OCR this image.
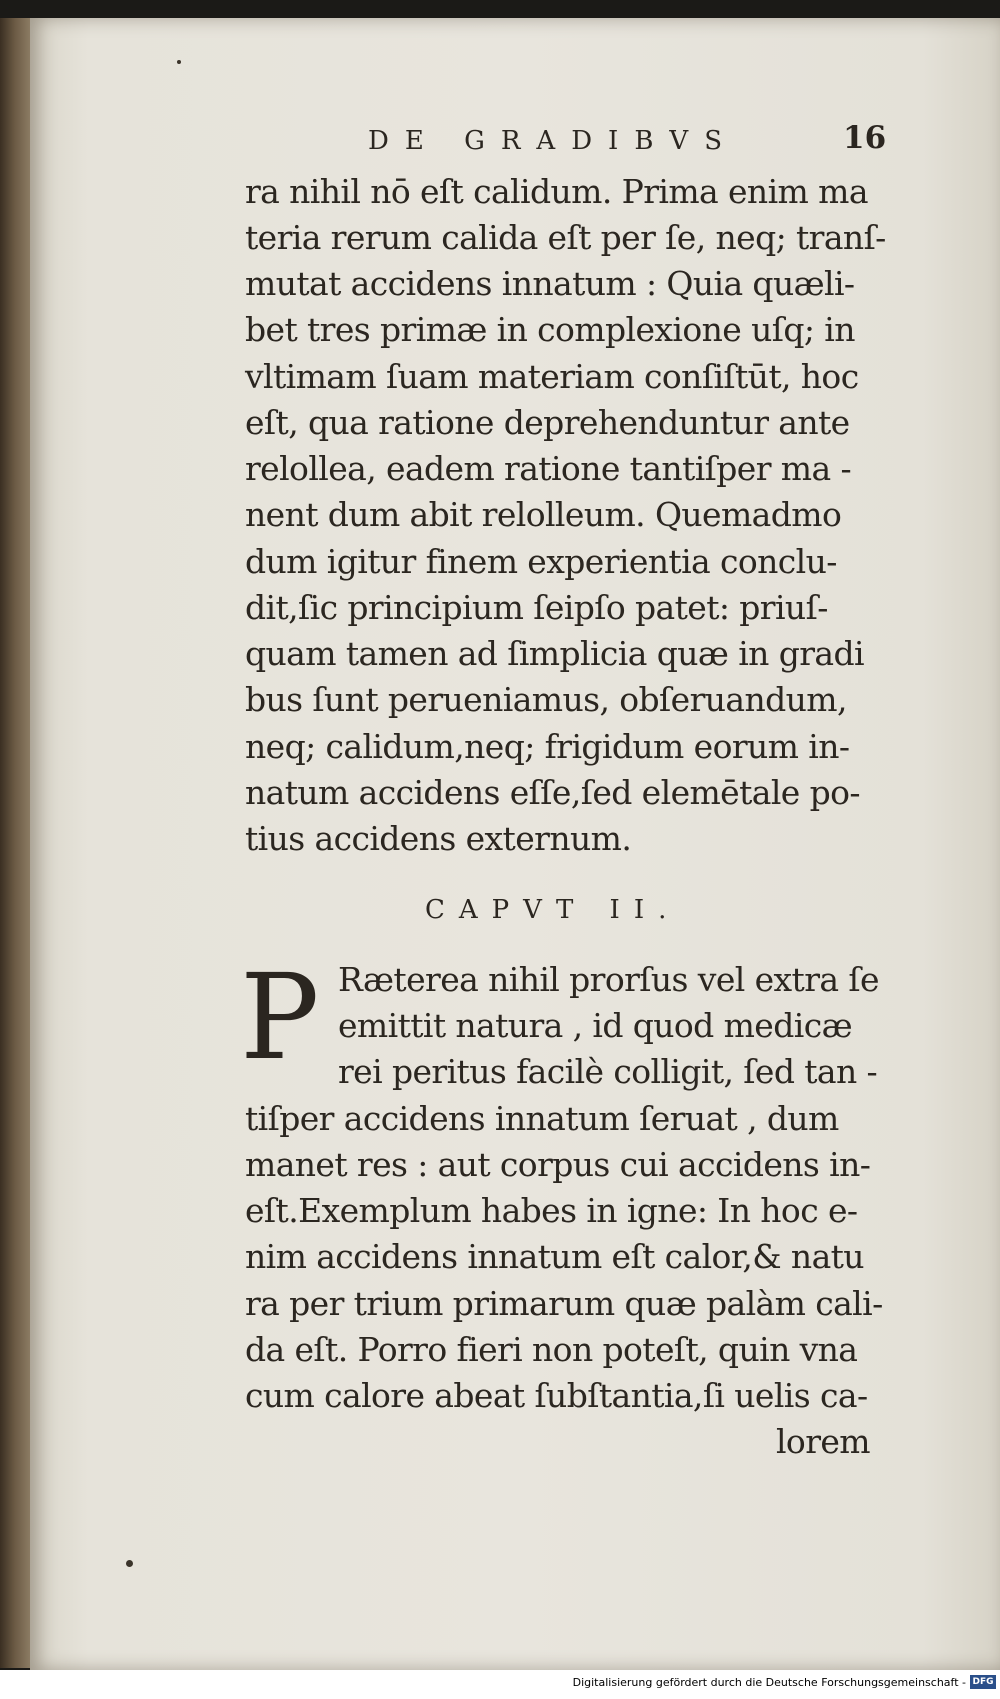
DE GRADIBVS	16
ra nihil nō eſt calidum. Prima enim ma
teria rerum calida eſt per ſe, neq; tranſ-
mutat accidens innatum : Quia quæli-
bet tres primæ in complexione uſq; in
vltimam ſuam materiam conſiſtūt, hoc
eſt, qua ratione deprehenduntur ante
relollea, eadem ratione tantiſper ma -
nent dum abit relolleum. Quemadmo
dum igitur finem experientia conclu-
dit,ſic principium ſeipſo patet: priuſ-
quam tamen ad ſimplicia quæ in gradi
bus ſunt perueniamus, obſeruandum,
neq; calidum,neq; frigidum eorum in-
natum accidens eſſe,ſed elemētale po-
tius accidens externum.
CAPVT II.
P Ræterea nihil prorſus vel extra ſe
emittit natura , id quod medicæ
rei peritus facilè colligit, ſed tan -
tiſper accidens innatum ſeruat , dum
manet res : aut corpus cui accidens in-
eſt.Exemplum habes in igne: In hoc e-
nim accidens innatum eſt calor,& natu
ra per trium primarum quæ palàm cali-
da eſt. Porro fieri non poteſt, quin vna
cum calore abeat ſubſtantia,ſi uelis ca-
lorem
Digitalisierung gefördert durch die Deutsche Forschungsgemeinschaft - DFG
